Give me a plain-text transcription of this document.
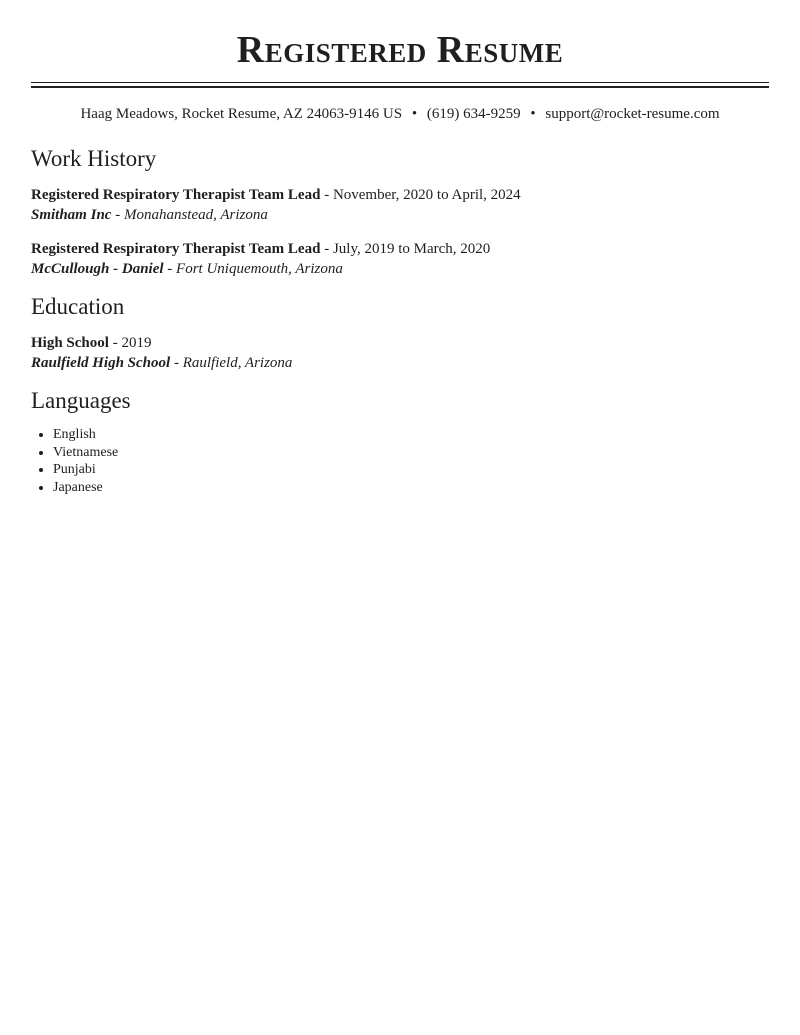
Registered Resume
Haag Meadows, Rocket Resume, AZ 24063-9146 US • (619) 634-9259 • support@rocket-resume.com
Work History
Registered Respiratory Therapist Team Lead - November, 2020 to April, 2024
Smitham Inc - Monahanstead, Arizona
Registered Respiratory Therapist Team Lead - July, 2019 to March, 2020
McCullough - Daniel - Fort Uniquemouth, Arizona
Education
High School - 2019
Raulfield High School - Raulfield, Arizona
Languages
• English
• Vietnamese
• Punjabi
• Japanese
